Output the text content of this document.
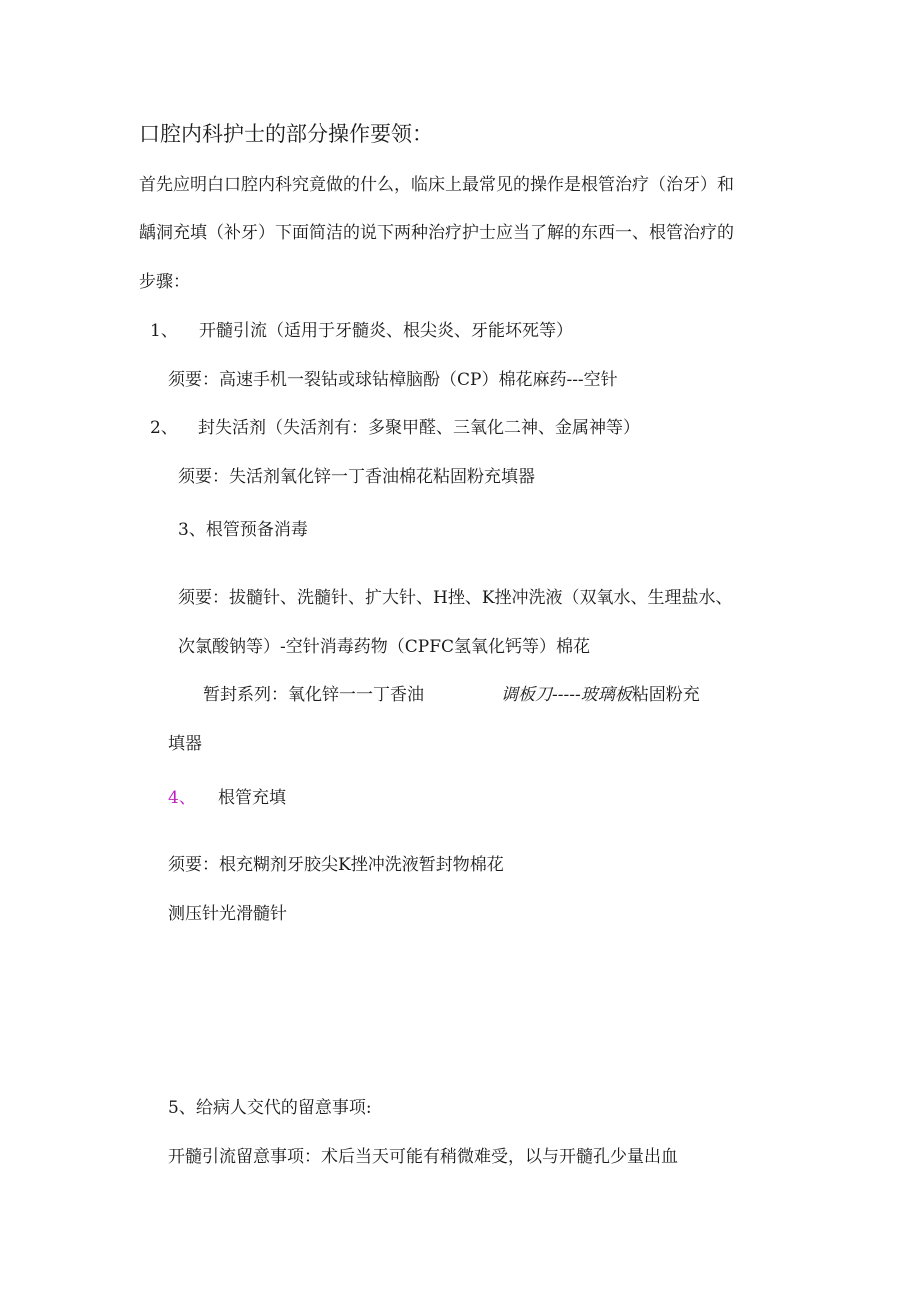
口腔内科护士的部分操作要领：
首先应明白口腔内科究竟做的什么，临床上最常见的操作是根管治疗（治牙）和
龋洞充填（补牙）下面简洁的说下两种治疗护士应当了解的东西一、根管治疗的
步骤：
1、 开髓引流（适用于牙髓炎、根尖炎、牙能坏死等）
须要：高速手机一裂钻或球钻樟脑酚（CP）棉花麻药---空针
2、 封失活剂（失活剂有：多聚甲醛、三氧化二神、金属神等）
须要：失活剂氧化锌一丁香油棉花粘固粉充填器
3、根管预备消毒
须要：拔髓针、洗髓针、扩大针、H挫、K挫冲洗液（双氧水、生理盐水、
次氯酸钠等）-空针消毒药物（CPFC氢氧化钙等）棉花
暂封系列：氧化锌一一丁香油	调板刀-----玻璃板粘固粉充
填器
4、 根管充填
须要：根充糊剂牙胶尖K挫冲洗液暂封物棉花
测压针光滑髓针
5、给病人交代的留意事项:
开髓引流留意事项：术后当天可能有稍微难受，以与开髓孔少量出血
